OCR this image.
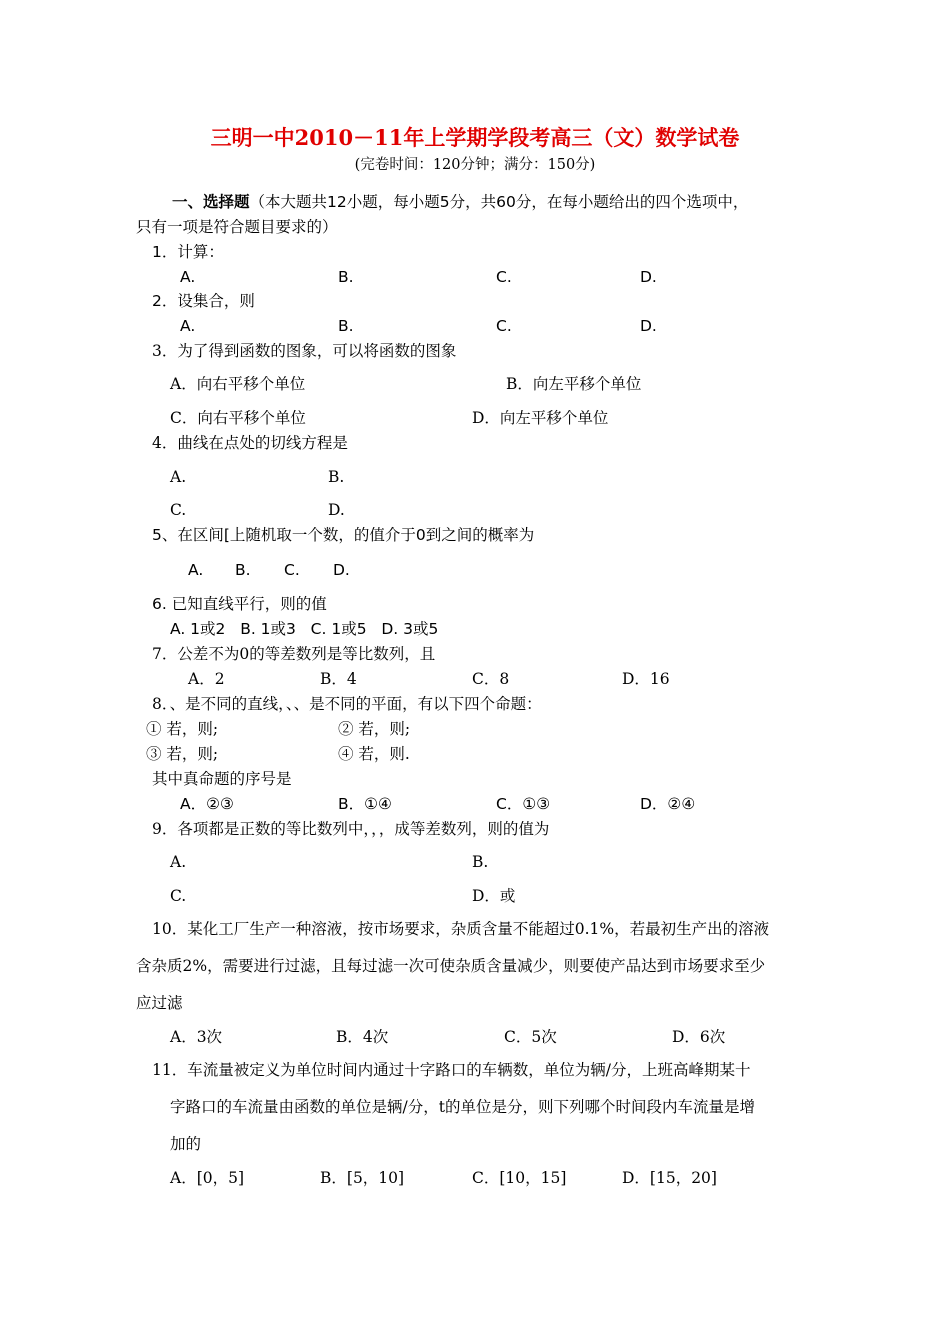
三明一中2010－11年上学期学段考高三（文）数学试卷
(完卷时间：120分钟；满分：150分)
一、选择题（本大题共12小题，每小题5分，共60分，在每小题给出的四个选项中，
只有一项是符合题目要求的）
1．计算：
A.	B.	C.	D.
2．设集合，则
A.	B.	C.	D.
3．为了得到函数的图象，可以将函数的图象
A．向右平移个单位	B．向左平移个单位
C．向右平移个单位	D．向左平移个单位
4．曲线在点处的切线方程是
A.	B.
C.	D.
5、在区间[上随机取一个数，的值介于0到之间的概率为
A. B. C. D.
6. 已知直线平行，则的值
A. 1或2   B. 1或3   C. 1或5   D. 3或5
7．公差不为0的等差数列是等比数列，且
A．2	B．4	C．8	D．16
8．、是不同的直线，、、是不同的平面，有以下四个命题：
① 若，则;	② 若，则;
③ 若，则;	④ 若，则.
其中真命题的序号是
A．②③	B．①④	C．①③	D．②④
9．各项都是正数的等比数列中，，，成等差数列，则的值为
A.	B.
C.	D．或
10．某化工厂生产一种溶液，按市场要求，杂质含量不能超过0.1%，若最初生产出的溶液
含杂质2%，需要进行过滤，且每过滤一次可使杂质含量减少，则要使产品达到市场要求至少
应过滤
A．3次	B．4次	C．5次	D．6次
11．车流量被定义为单位时间内通过十字路口的车辆数，单位为辆/分，上班高峰期某十
字路口的车流量由函数的单位是辆/分，t的单位是分，则下列哪个时间段内车流量是增
加的
A．[0，5]	B．[5，10]	C．[10，15]	D．[15，20]
